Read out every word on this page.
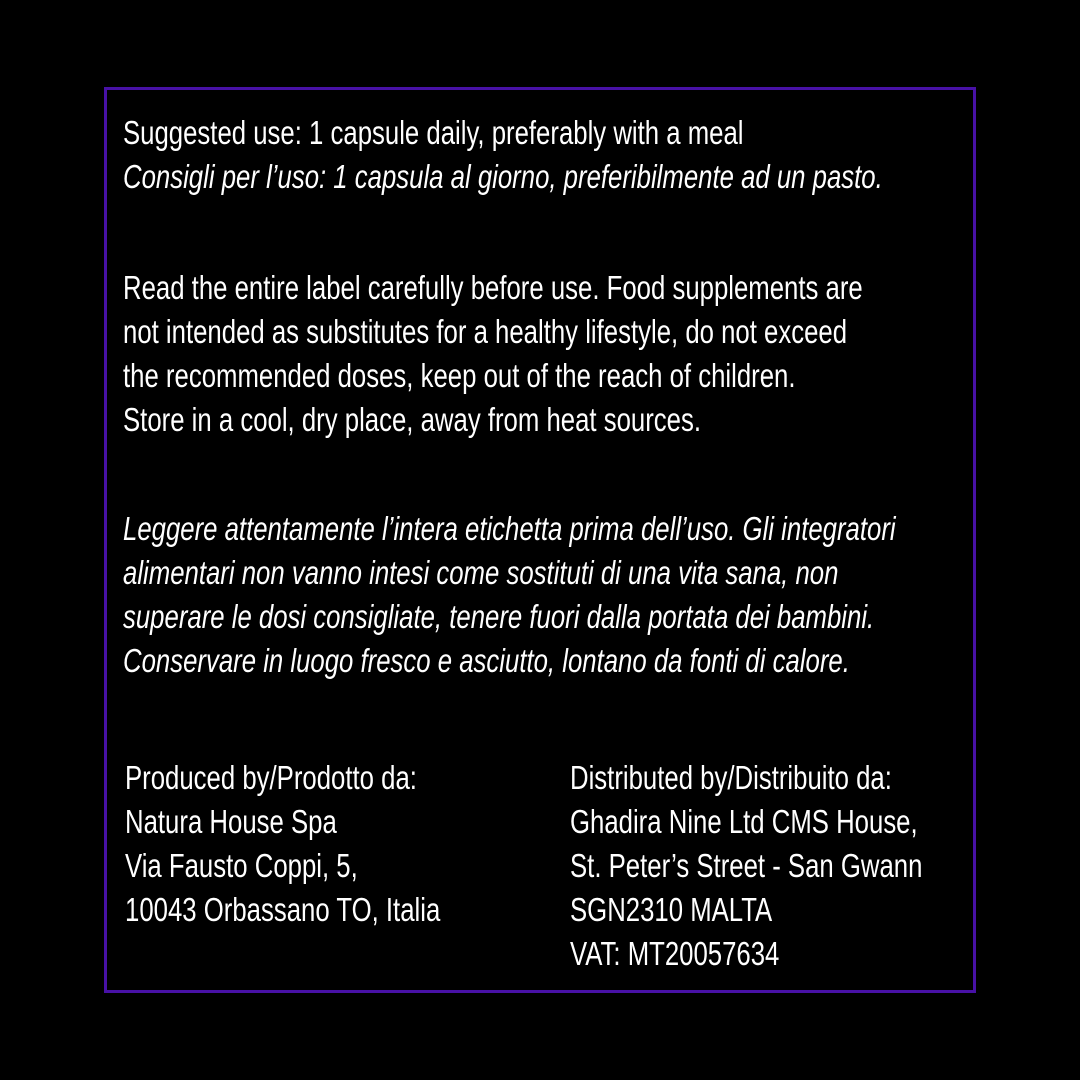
Suggested use: 1 capsule daily, preferably with a meal
Consigli per l’uso: 1 capsula al giorno, preferibilmente ad un pasto.
Read the entire label carefully before use. Food supplements are
not intended as substitutes for a healthy lifestyle, do not exceed
the recommended doses, keep out of the reach of children.
Store in a cool, dry place, away from heat sources.
Leggere attentamente l’intera etichetta prima dell’uso. Gli integratori
alimentari non vanno intesi come sostituti di una vita sana, non
superare le dosi consigliate, tenere fuori dalla portata dei bambini.
Conservare in luogo fresco e asciutto, lontano da fonti di calore.
Produced by/Prodotto da:
Natura House Spa
Via Fausto Coppi, 5,
10043 Orbassano TO, Italia
Distributed by/Distribuito da:
Ghadira Nine Ltd CMS House,
St. Peter’s Street - San Gwann
SGN2310 MALTA
VAT: MT20057634
